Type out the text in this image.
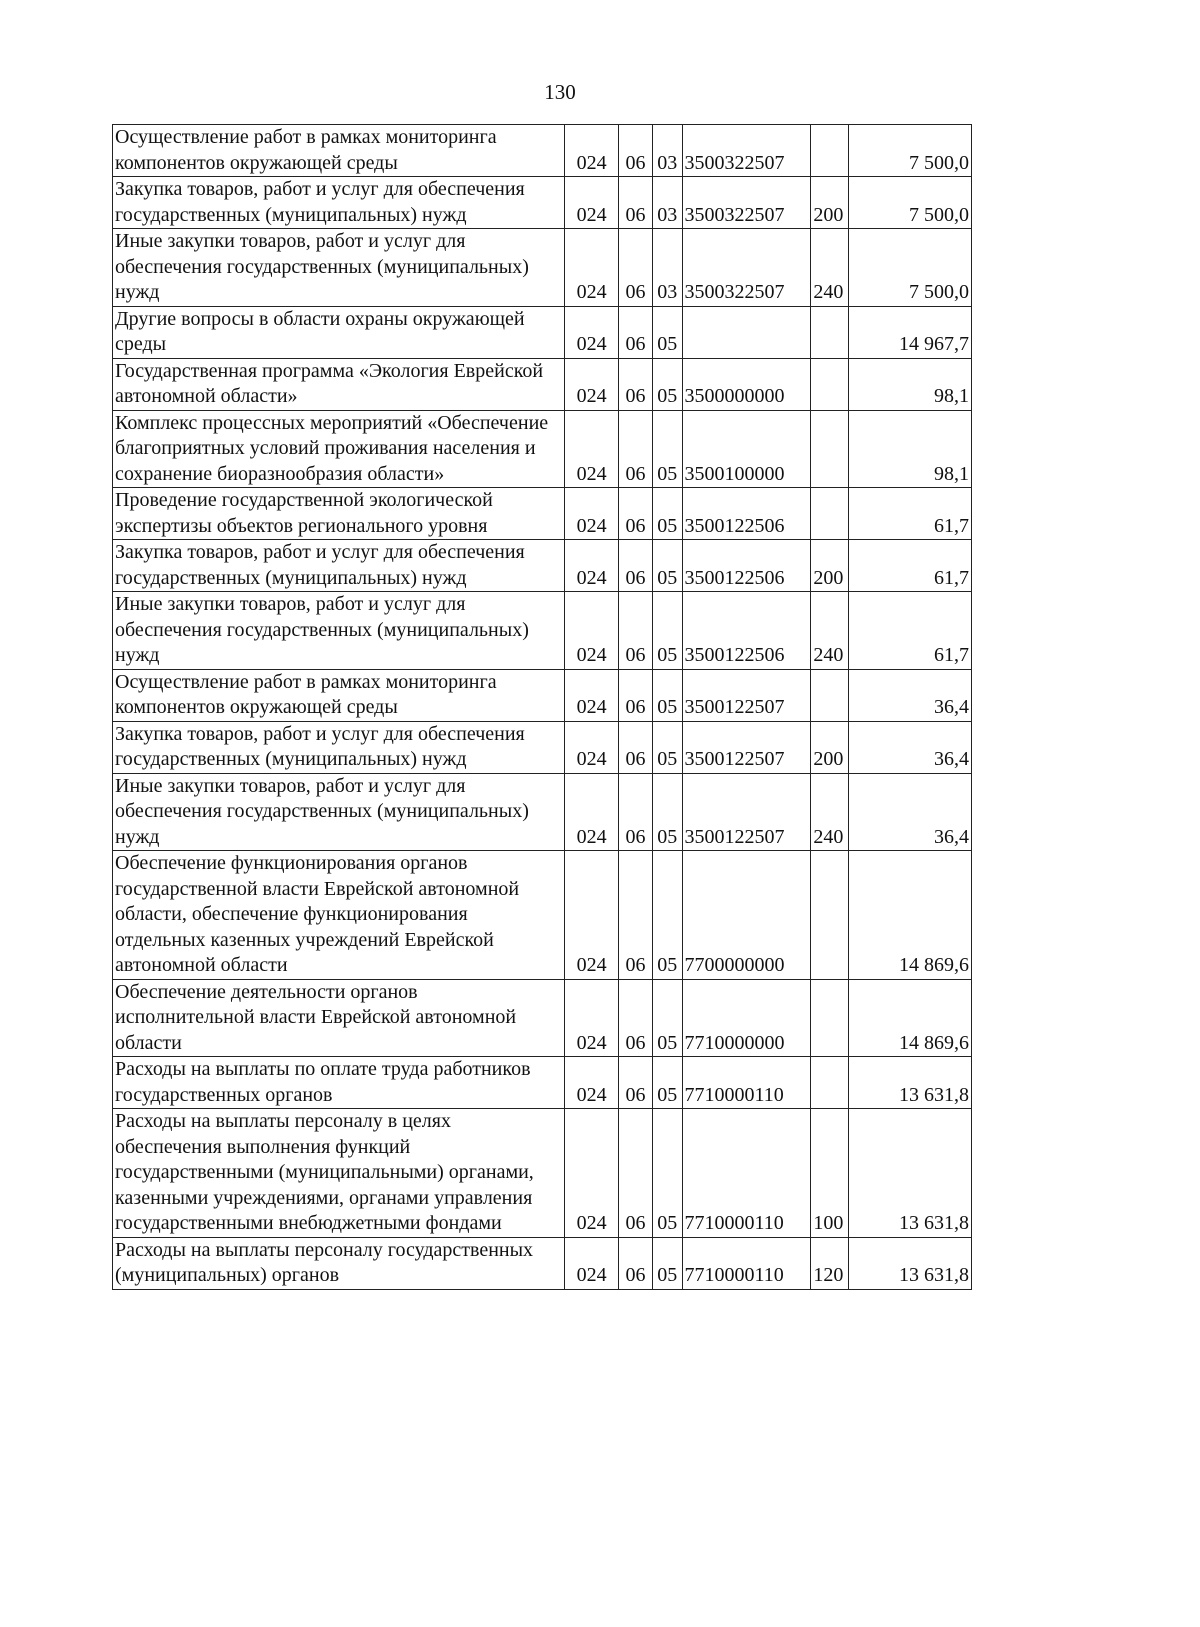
130
Осуществление работ в рамках мониторинга компонентов окружающей среды	024	06	03	3500322507		7 500,0
Закупка товаров, работ и услуг для обеспечения государственных (муниципальных) нужд	024	06	03	3500322507	200	7 500,0
Иные закупки товаров, работ и услуг для обеспечения государственных (муниципальных) нужд	024	06	03	3500322507	240	7 500,0
Другие вопросы в области охраны окружающей среды	024	06	05			14 967,7
Государственная программа «Экология Еврейской автономной области»	024	06	05	3500000000		98,1
Комплекс процессных мероприятий «Обеспечение благоприятных условий проживания населения и сохранение биоразнообразия области»	024	06	05	3500100000		98,1
Проведение государственной экологической экспертизы объектов регионального уровня	024	06	05	3500122506		61,7
Закупка товаров, работ и услуг для обеспечения государственных (муниципальных) нужд	024	06	05	3500122506	200	61,7
Иные закупки товаров, работ и услуг для обеспечения государственных (муниципальных) нужд	024	06	05	3500122506	240	61,7
Осуществление работ в рамках мониторинга компонентов окружающей среды	024	06	05	3500122507		36,4
Закупка товаров, работ и услуг для обеспечения государственных (муниципальных) нужд	024	06	05	3500122507	200	36,4
Иные закупки товаров, работ и услуг для обеспечения государственных (муниципальных) нужд	024	06	05	3500122507	240	36,4
Обеспечение функционирования органов государственной власти Еврейской автономной области, обеспечение функционирования отдельных казенных учреждений Еврейской автономной области	024	06	05	7700000000		14 869,6
Обеспечение деятельности органов исполнительной власти Еврейской автономной области	024	06	05	7710000000		14 869,6
Расходы на выплаты по оплате труда работников государственных органов	024	06	05	7710000110		13 631,8
Расходы на выплаты персоналу в целях обеспечения выполнения функций государственными (муниципальными) органами, казенными учреждениями, органами управления государственными внебюджетными фондами	024	06	05	7710000110	100	13 631,8
Расходы на выплаты персоналу государственных (муниципальных) органов	024	06	05	7710000110	120	13 631,8
